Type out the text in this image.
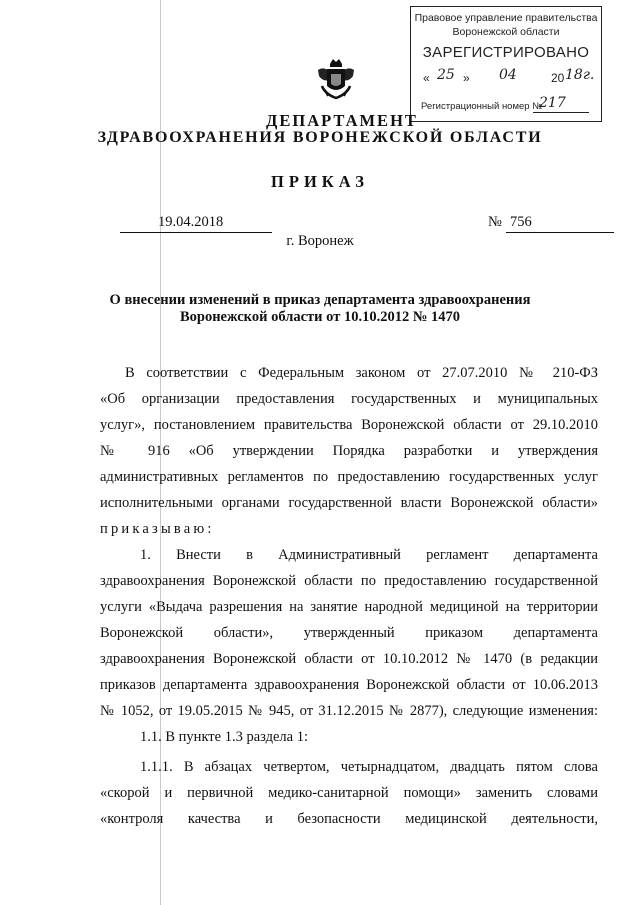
Правовое управление правительства
Воронежской области
ЗАРЕГИСТРИРОВАНО
« 25 » 04	20 18г.
Регистрационный номер №
217
ДЕПАРТАМЕНТ
ЗДРАВООХРАНЕНИЯ ВОРОНЕЖСКОЙ ОБЛАСТИ
ПРИКАЗ
19.04.2018	№ 756
г. Воронеж
О внесении изменений в приказ департамента здравоохранения
Воронежской области от 10.10.2012 № 1470
В соответствии с Федеральным законом от 27.07.2010 № 210-ФЗ
«Об организации предоставления государственных и муниципальных
услуг», постановлением правительства Воронежской области от 29.10.2010
№ 916 «Об утверждении Порядка разработки и утверждения
административных регламентов по предоставлению государственных услуг
исполнительными органами государственной власти Воронежской области»
приказываю:
1. Внести в Административный регламент департамента
здравоохранения Воронежской области по предоставлению государственной
услуги «Выдача разрешения на занятие народной медициной на территории
Воронежской области», утвержденный приказом департамента
здравоохранения Воронежской области от 10.10.2012 № 1470 (в редакции
приказов департамента здравоохранения Воронежской области от 10.06.2013
№ 1052, от 19.05.2015 № 945, от 31.12.2015 № 2877), следующие изменения:
1.1. В пункте 1.3 раздела 1:
1.1.1. В абзацах четвертом, четырнадцатом, двадцать пятом слова
«скорой и первичной медико-санитарной помощи» заменить словами
«контроля качества и безопасности медицинской деятельности,
